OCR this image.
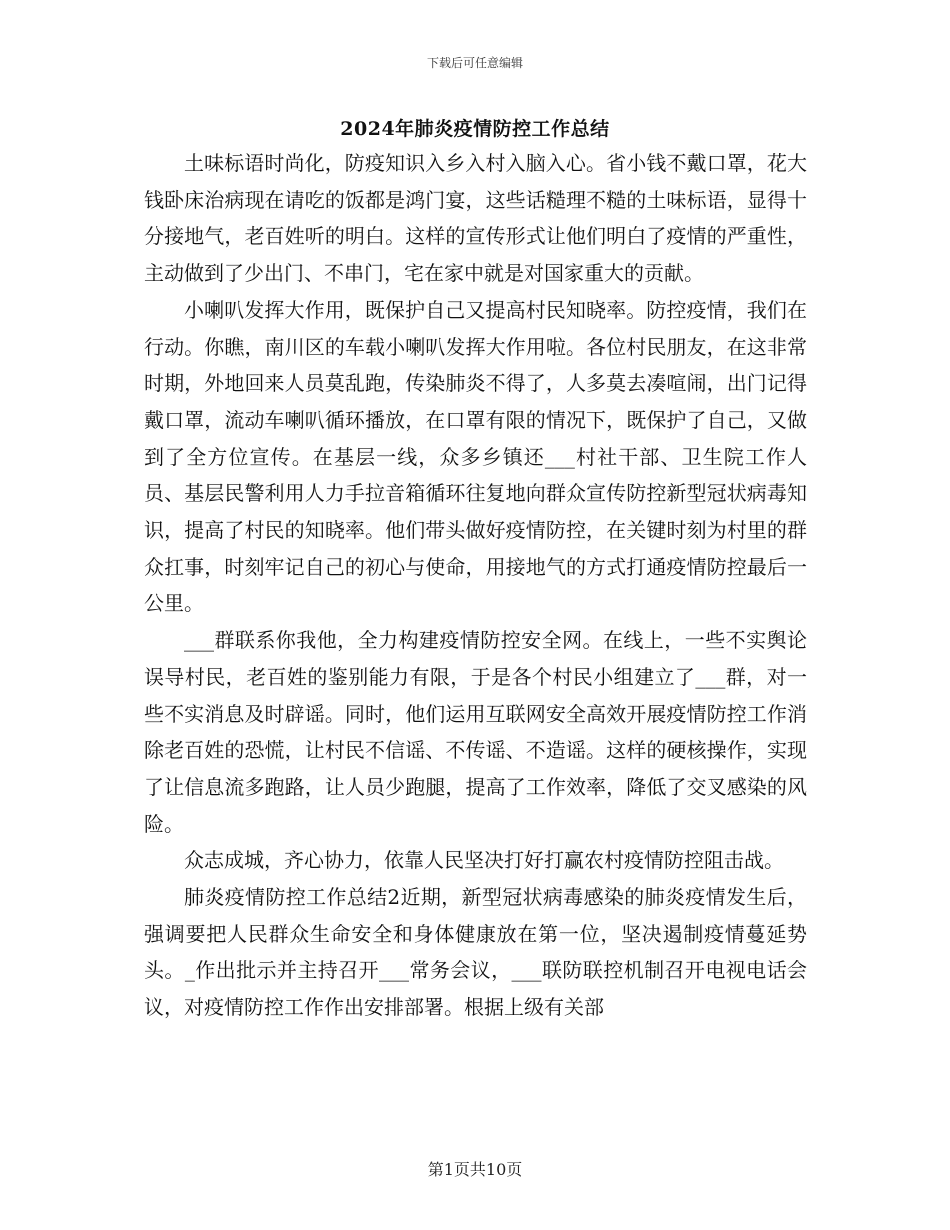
下载后可任意编辑
2024年肺炎疫情防控工作总结

土味标语时尚化，防疫知识入乡入村入脑入心。省小钱不戴口罩，花大钱卧床治病现在请吃的饭都是鸿门宴，这些话糙理不糙的土味标语，显得十分接地气，老百姓听的明白。这样的宣传形式让他们明白了疫情的严重性，主动做到了少出门、不串门，宅在家中就是对国家重大的贡献。

小喇叭发挥大作用，既保护自己又提高村民知晓率。防控疫情，我们在行动。你瞧，南川区的车载小喇叭发挥大作用啦。各位村民朋友，在这非常时期，外地回来人员莫乱跑，传染肺炎不得了，人多莫去凑喧闹，出门记得戴口罩，流动车喇叭循环播放，在口罩有限的情况下，既保护了自己，又做到了全方位宣传。在基层一线，众多乡镇还___村社干部、卫生院工作人员、基层民警利用人力手拉音箱循环往复地向群众宣传防控新型冠状病毒知识，提高了村民的知晓率。他们带头做好疫情防控，在关键时刻为村里的群众扛事，时刻牢记自己的初心与使命，用接地气的方式打通疫情防控最后一公里。

___群联系你我他，全力构建疫情防控安全网。在线上，一些不实舆论误导村民，老百姓的鉴别能力有限，于是各个村民小组建立了___群，对一些不实消息及时辟谣。同时，他们运用互联网安全高效开展疫情防控工作消除老百姓的恐慌，让村民不信谣、不传谣、不造谣。这样的硬核操作，实现了让信息流多跑路，让人员少跑腿，提高了工作效率，降低了交叉感染的风险。

众志成城，齐心协力，依靠人民坚决打好打赢农村疫情防控阻击战。

肺炎疫情防控工作总结2近期，新型冠状病毒感染的肺炎疫情发生后，强调要把人民群众生命安全和身体健康放在第一位，坚决遏制疫情蔓延势头。_作出批示并主持召开___常务会议，___联防联控机制召开电视电话会议，对疫情防控工作作出安排部署。根据上级有关部

第1页共10页
